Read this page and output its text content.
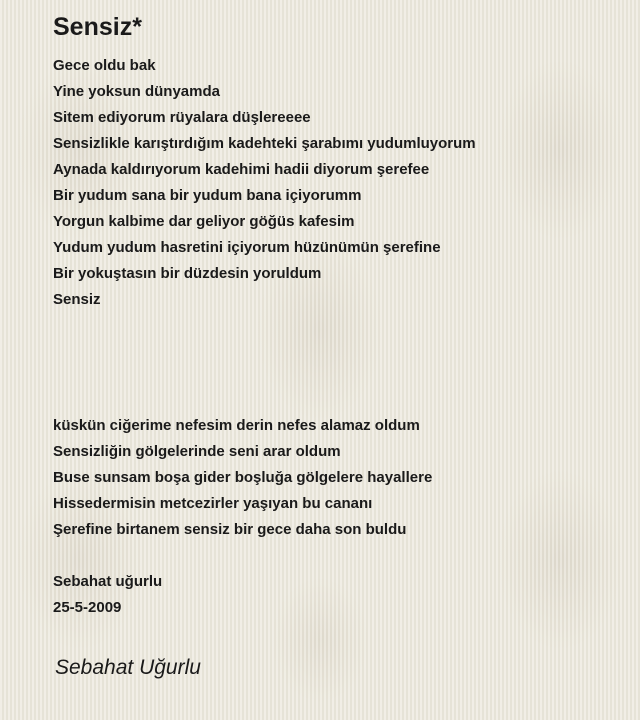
Sensiz*
Gece oldu bak
Yine yoksun dünyamda
Sitem ediyorum rüyalara düşlereeee
Sensizlikle karıştırdığım kadehteki şarabımı yudumluyorum
Aynada kaldırıyorum kadehimi hadii diyorum şerefee
Bir yudum sana bir yudum bana içiyorumm
Yorgun kalbime dar geliyor göğüs kafesim
Yudum yudum hasretini içiyorum hüzünümün şerefine
Bir yokuştasın bir düzdesin yoruldum
Sensiz
küskün ciğerime nefesim derin nefes alamaz oldum
Sensizliğin gölgelerinde seni arar oldum
Buse sunsam boşa gider boşluğa gölgelere hayallere
Hissedermisin metcezirler yaşıyan bu cananı
Şerefine birtanem sensiz bir gece daha son buldu
Sebahat uğurlu
25-5-2009
Sebahat Uğurlu
